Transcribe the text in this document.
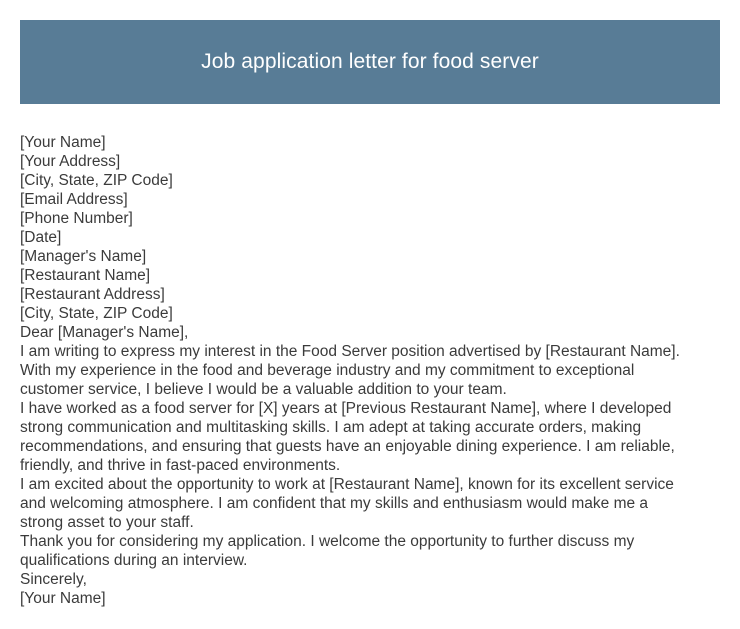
Job application letter for food server
[Your Name]
[Your Address]
[City, State, ZIP Code]
[Email Address]
[Phone Number]
[Date]
[Manager's Name]
[Restaurant Name]
[Restaurant Address]
[City, State, ZIP Code]
Dear [Manager's Name],
I am writing to express my interest in the Food Server position advertised by [Restaurant Name].
With my experience in the food and beverage industry and my commitment to exceptional
customer service, I believe I would be a valuable addition to your team.
I have worked as a food server for [X] years at [Previous Restaurant Name], where I developed
strong communication and multitasking skills. I am adept at taking accurate orders, making
recommendations, and ensuring that guests have an enjoyable dining experience. I am reliable,
friendly, and thrive in fast-paced environments.
I am excited about the opportunity to work at [Restaurant Name], known for its excellent service
and welcoming atmosphere. I am confident that my skills and enthusiasm would make me a
strong asset to your staff.
Thank you for considering my application. I welcome the opportunity to further discuss my
qualifications during an interview.
Sincerely,
[Your Name]
